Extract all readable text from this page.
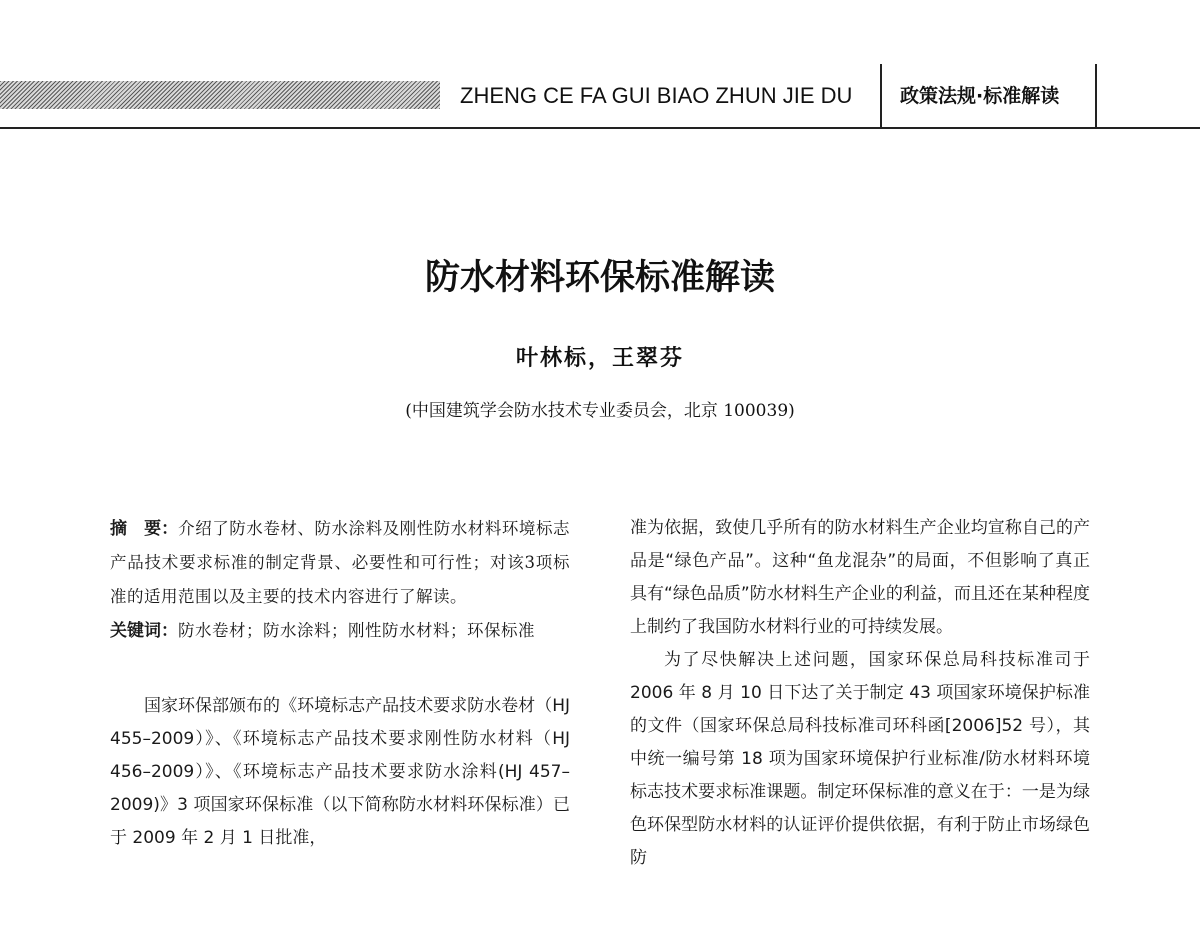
ZHENG CE FA GUI BIAO ZHUN JIE DU	政策法规·标准解读
防水材料环保标准解读
叶林标，王翠芬
(中国建筑学会防水技术专业委员会，北京 100039)

摘　要：介绍了防水卷材、防水涂料及刚性防水材料环境标志产品技术要求标准的制定背景、必要性和可行性；对该3项标准的适用范围以及主要的技术内容进行了解读。

关键词：防水卷材；防水涂料；刚性防水材料；环保标准

国家环保部颁布的《环境标志产品技术要求防水卷材（HJ 455–2009）》、《环境标志产品技术要求刚性防水材料（HJ 456–2009）》、《环境标志产品技术要求防水涂料(HJ 457–2009)》3 项国家环保标准（以下简称防水材料环保标准）已于 2009 年 2 月 1 日批准，

准为依据，致使几乎所有的防水材料生产企业均宣称自己的产品是“绿色产品”。这种“鱼龙混杂”的局面，不但影响了真正具有“绿色品质”防水材料生产企业的利益，而且还在某种程度上制约了我国防水材料行业的可持续发展。

为了尽快解决上述问题，国家环保总局科技标准司于 2006 年 8 月 10 日下达了关于制定 43 项国家环境保护标准的文件（国家环保总局科技标准司环科函[2006]52 号），其中统一编号第 18 项为国家环境保护行业标准/防水材料环境标志技术要求标准课题。制定环保标准的意义在于：一是为绿色环保型防水材料的认证评价提供依据，有利于防止市场绿色防
